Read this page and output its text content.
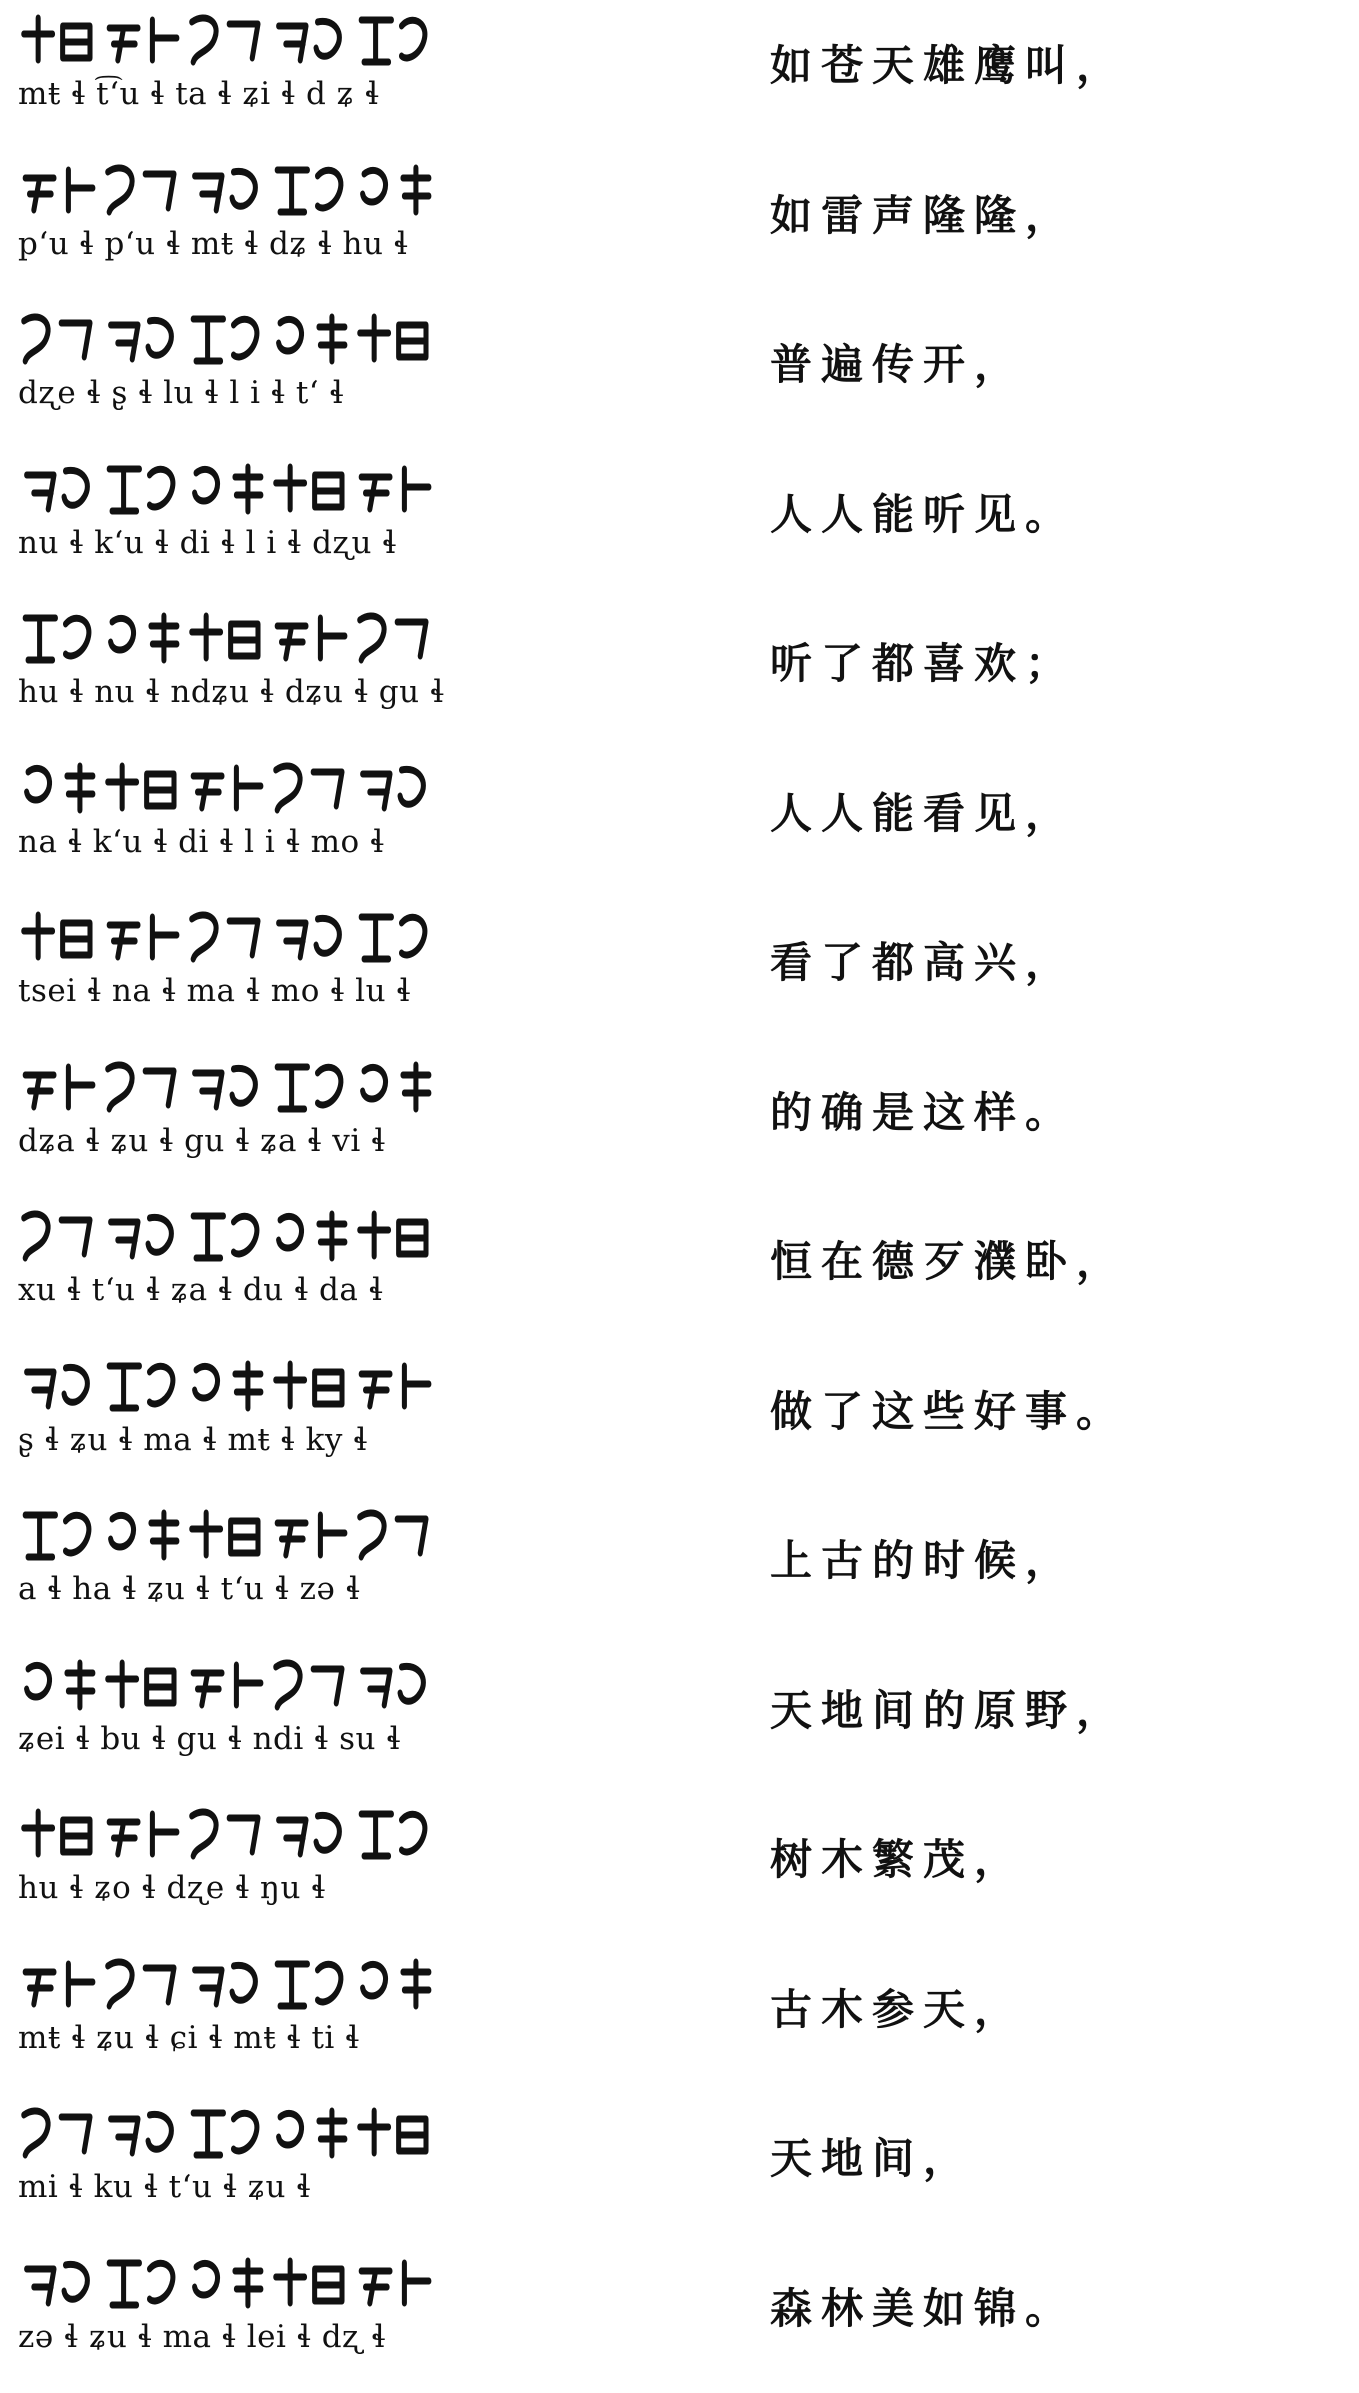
mŧ ɬ t͡ʻu ɬ ta ɬ ʑi ɬ d ʑ ɬ
如苍天雄鹰叫，
pʻu ɬ pʻu ɬ mŧ ɬ dʑ ɬ hu ɬ
如雷声隆隆，
dʐe ɬ ʂ ɬ lu ɬ l i ɬ tʻ ɬ
普遍传开，
nu ɬ kʻu ɬ di ɬ l i ɬ dʐu ɬ
人人能听见。
hu ɬ nu ɬ ndʑu ɬ dʑu ɬ gu ɬ
听了都喜欢；
na ɬ kʻu ɬ di ɬ l i ɬ mo ɬ
人人能看见，
tsei ɬ na ɬ ma ɬ mo ɬ lu ɬ
看了都高兴，
dʑa ɬ ʑu ɬ gu ɬ ʑa ɬ vi ɬ
的确是这样。
xu ɬ tʻu ɬ ʑa ɬ du ɬ da ɬ
恒在德歹濮卧，
ʂ ɬ ʑu ɬ ma ɬ mŧ ɬ ky ɬ
做了这些好事。
a ɬ ha ɬ ʑu ɬ tʻu ɬ zə ɬ
上古的时候，
ʑei ɬ bu ɬ gu ɬ ndi ɬ su ɬ
天地间的原野，
hu ɬ ʑo ɬ dʐe ɬ ŋu ɬ
树木繁茂，
mŧ ɬ ʑu ɬ ɕi ɬ mŧ ɬ ti ɬ
古木参天，
mi ɬ ku ɬ tʻu ɬ ʑu ɬ
天地间，
zə ɬ ʑu ɬ ma ɬ lei ɬ dʐ ɬ
森林美如锦。
